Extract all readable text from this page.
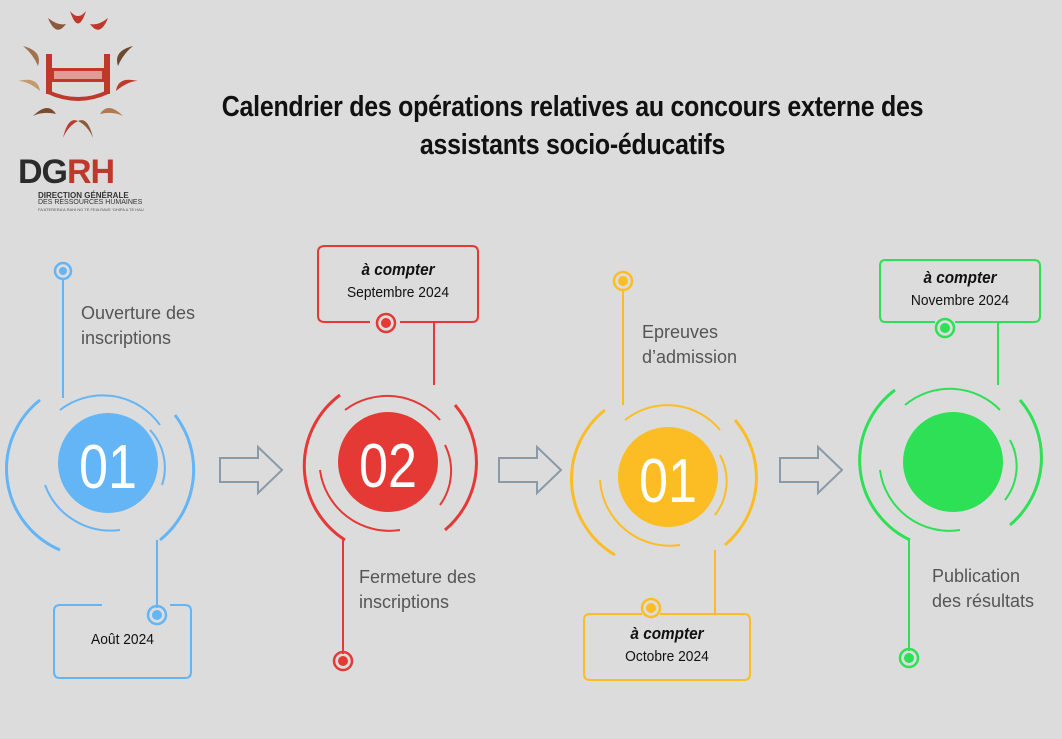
DGRH
DIRECTION GÉNÉRALE
DES RESSOURCES HUMAINES
FA'ATERERA'A RAHI NO TE FEIA RAVE 'OHIPA A TE HAU
Calendrier des opérations relatives au concours externe des
assistants socio-éducatifs
01	02	01
Ouverture des
inscriptions
Fermeture des
inscriptions
Epreuves
d’admission
Publication
des résultats
Août 2024
à compter
Septembre 2024
à compter
Octobre 2024
à compter
Novembre 2024
